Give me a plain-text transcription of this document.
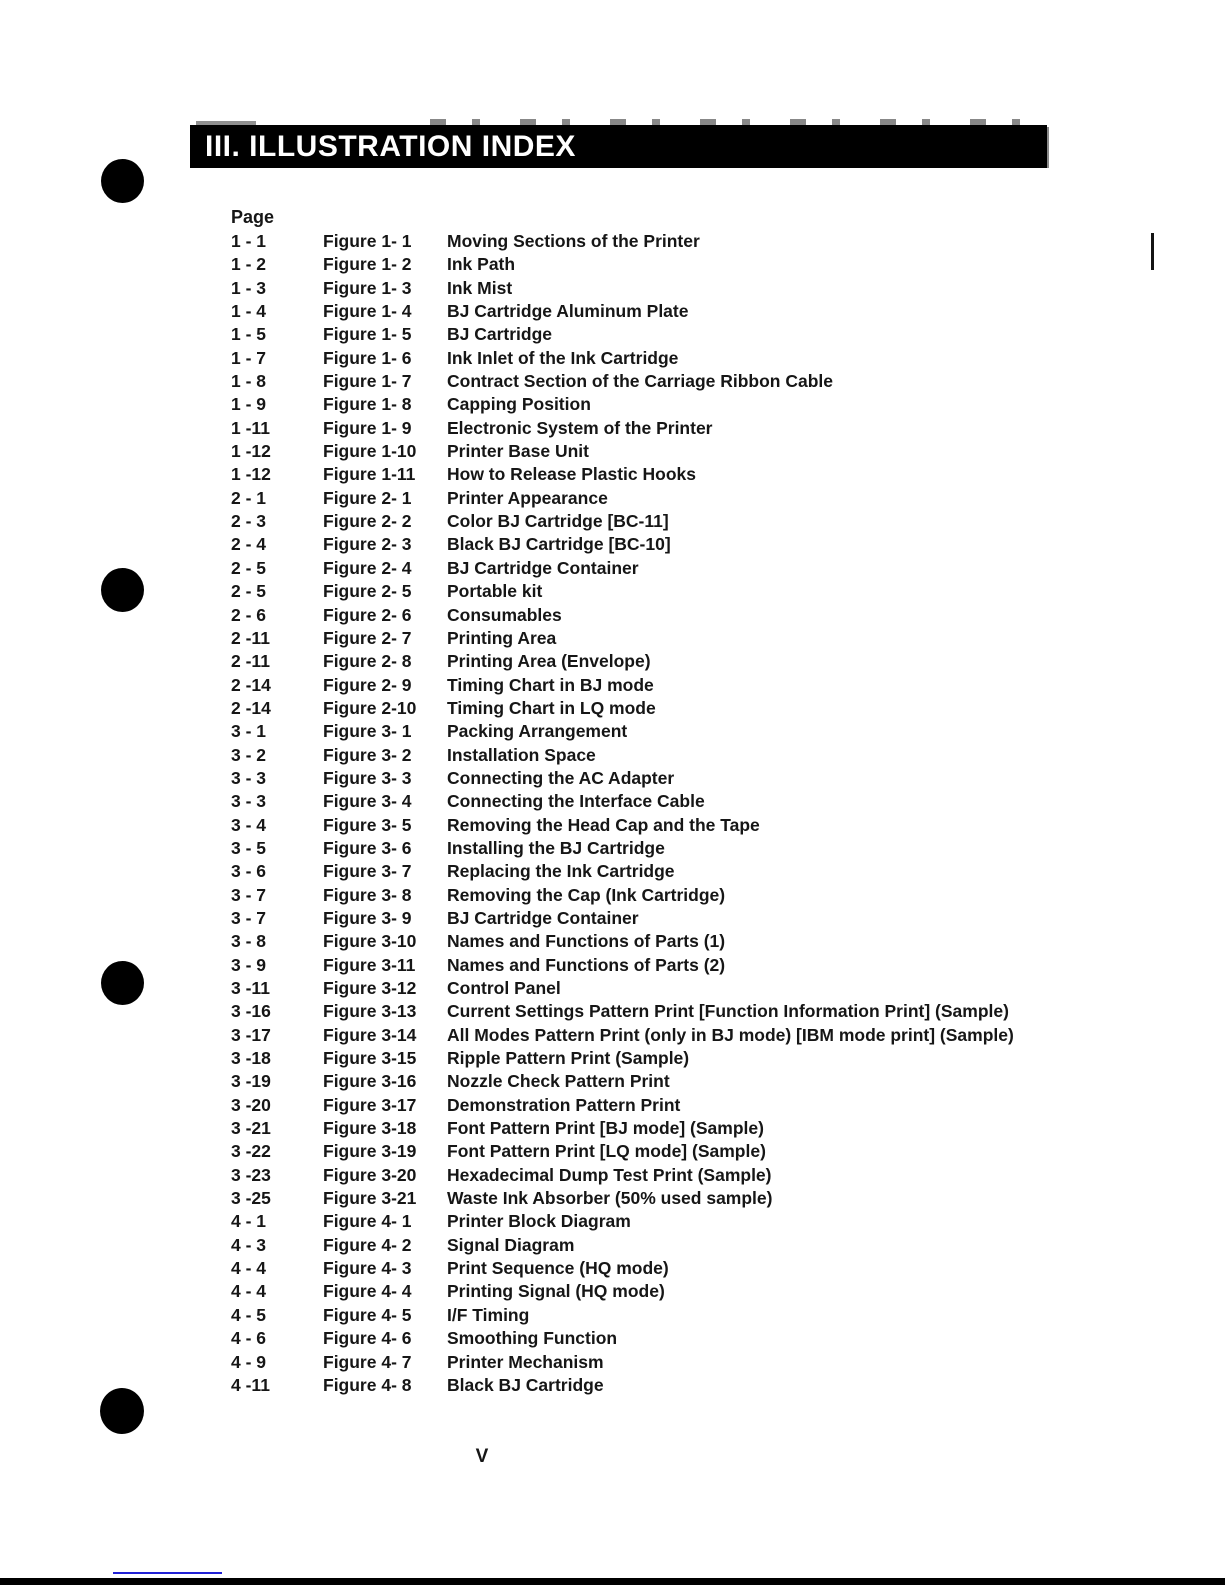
III. ILLUSTRATION INDEX
Page
1 - 1	Figure 1- 1	Moving Sections of the Printer
1 - 2	Figure 1- 2	Ink Path
1 - 3	Figure 1- 3	Ink Mist
1 - 4	Figure 1- 4	BJ Cartridge Aluminum Plate
1 - 5	Figure 1- 5	BJ Cartridge
1 - 7	Figure 1- 6	Ink Inlet of the Ink Cartridge
1 - 8	Figure 1- 7	Contract Section of the Carriage Ribbon Cable
1 - 9	Figure 1- 8	Capping Position
1 -11	Figure 1- 9	Electronic System of the Printer
1 -12	Figure 1-10	Printer Base Unit
1 -12	Figure 1-11	How to Release Plastic Hooks
2 - 1	Figure 2- 1	Printer Appearance
2 - 3	Figure 2- 2	Color BJ Cartridge [BC-11]
2 - 4	Figure 2- 3	Black BJ Cartridge [BC-10]
2 - 5	Figure 2- 4	BJ Cartridge Container
2 - 5	Figure 2- 5	Portable kit
2 - 6	Figure 2- 6	Consumables
2 -11	Figure 2- 7	Printing Area
2 -11	Figure 2- 8	Printing Area (Envelope)
2 -14	Figure 2- 9	Timing Chart in BJ mode
2 -14	Figure 2-10	Timing Chart in LQ mode
3 - 1	Figure 3- 1	Packing Arrangement
3 - 2	Figure 3- 2	Installation Space
3 - 3	Figure 3- 3	Connecting the AC Adapter
3 - 3	Figure 3- 4	Connecting the Interface Cable
3 - 4	Figure 3- 5	Removing the Head Cap and the Tape
3 - 5	Figure 3- 6	Installing the BJ Cartridge
3 - 6	Figure 3- 7	Replacing the Ink Cartridge
3 - 7	Figure 3- 8	Removing the Cap (Ink Cartridge)
3 - 7	Figure 3- 9	BJ Cartridge Container
3 - 8	Figure 3-10	Names and Functions of Parts (1)
3 - 9	Figure 3-11	Names and Functions of Parts (2)
3 -11	Figure 3-12	Control Panel
3 -16	Figure 3-13	Current Settings Pattern Print [Function Information Print] (Sample)
3 -17	Figure 3-14	All Modes Pattern Print (only in BJ mode) [IBM mode print] (Sample)
3 -18	Figure 3-15	Ripple Pattern Print (Sample)
3 -19	Figure 3-16	Nozzle Check Pattern Print
3 -20	Figure 3-17	Demonstration Pattern Print
3 -21	Figure 3-18	Font Pattern Print [BJ mode] (Sample)
3 -22	Figure 3-19	Font Pattern Print [LQ mode] (Sample)
3 -23	Figure 3-20	Hexadecimal Dump Test Print (Sample)
3 -25	Figure 3-21	Waste Ink Absorber (50% used sample)
4 - 1	Figure 4- 1	Printer Block Diagram
4 - 3	Figure 4- 2	Signal Diagram
4 - 4	Figure 4- 3	Print Sequence (HQ mode)
4 - 4	Figure 4- 4	Printing Signal (HQ mode)
4 - 5	Figure 4- 5	I/F Timing
4 - 6	Figure 4- 6	Smoothing Function
4 - 9	Figure 4- 7	Printer Mechanism
4 -11	Figure 4- 8	Black BJ Cartridge
V
